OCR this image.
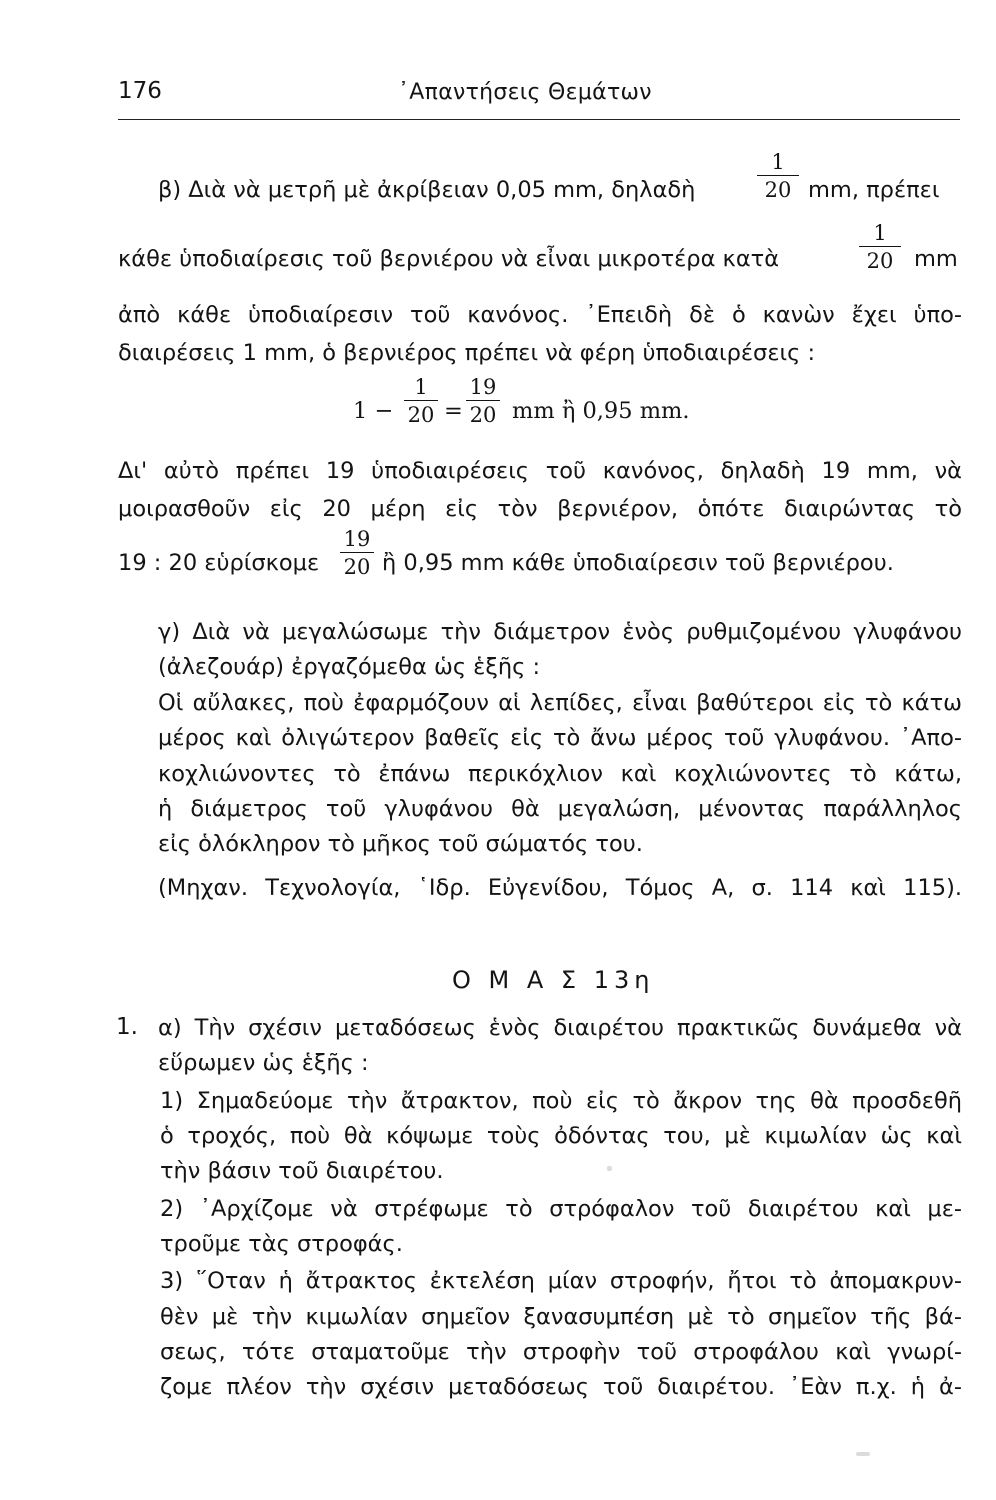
176	᾿Απαντήσεις Θεμάτων
β) Διὰ νὰ μετρῆ μὲ ἀκρίβειαν 0,05 mm, δηλαδὴ
1
20 mm, πρέπει
κάθε ὑποδιαίρεσις τοῦ βερνιέρου νὰ εἶναι μικροτέρα κατὰ
1
20 mm
ἀπὸ κάθε ὑποδιαίρεσιν τοῦ κανόνος. ᾿Επειδὴ δὲ ὁ κανὼν ἔχει ὑπο-
διαιρέσεις 1 mm, ὁ βερνιέρος πρέπει νὰ φέρη ὑποδιαιρέσεις :
1 −
1
20 =
19
20 mm ἢ 0,95 mm.
Δι' αὐτὸ πρέπει 19 ὑποδιαιρέσεις τοῦ κανόνος, δηλαδὴ 19 mm, νὰ
μοιρασθοῦν εἰς 20 μέρη εἰς τὸν βερνιέρον, ὁπότε διαιρώντας τὸ
19 : 20 εὑρίσκομε
19
20 ἢ 0,95 mm κάθε ὑποδιαίρεσιν τοῦ βερνιέρου.
γ) Διὰ νὰ μεγαλώσωμε τὴν διάμετρον ἑνὸς ρυθμιζομένου γλυφάνου
(ἀλεζουάρ) ἐργαζόμεθα ὡς ἑξῆς :
Οἱ αὔλακες, ποὺ ἐφαρμόζουν αἱ λεπίδες, εἶναι βαθύτεροι εἰς τὸ κάτω
μέρος καὶ ὀλιγώτερον βαθεῖς εἰς τὸ ἄνω μέρος τοῦ γλυφάνου. ᾿Απο-
κοχλιώνοντες τὸ ἐπάνω περικόχλιον καὶ κοχλιώνοντες τὸ κάτω,
ἡ διάμετρος τοῦ γλυφάνου θὰ μεγαλώση, μένοντας παράλληλος
εἰς ὁλόκληρον τὸ μῆκος τοῦ σώματός του.
(Μηχαν. Τεχνολογία, ῾Ιδρ. Εὐγενίδου, Τόμος Α, σ. 114 καὶ 115).
Ο Μ Α Σ 13η
1. α) Τὴν σχέσιν μεταδόσεως ἑνὸς διαιρέτου πρακτικῶς δυνάμεθα νὰ
εὕρωμεν ὡς ἑξῆς :
1) Σημαδεύομε τὴν ἄτρακτον, ποὺ εἰς τὸ ἄκρον της θὰ προσδεθῆ
ὁ τροχός, ποὺ θὰ κόψωμε τοὺς ὀδόντας του, μὲ κιμωλίαν ὡς καὶ
τὴν βάσιν τοῦ διαιρέτου.
2) ᾿Αρχίζομε νὰ στρέφωμε τὸ στρόφαλον τοῦ διαιρέτου καὶ με-
τροῦμε τὰς στροφάς.
3) ῞Οταν ἡ ἄτρακτος ἐκτελέση μίαν στροφήν, ἤτοι τὸ ἀπομακρυν-
θὲν μὲ τὴν κιμωλίαν σημεῖον ξανασυμπέση μὲ τὸ σημεῖον τῆς βά-
σεως, τότε σταματοῦμε τὴν στροφὴν τοῦ στροφάλου καὶ γνωρί-
ζομε πλέον τὴν σχέσιν μεταδόσεως τοῦ διαιρέτου. ᾿Εὰν π.χ. ἡ ἀ-
